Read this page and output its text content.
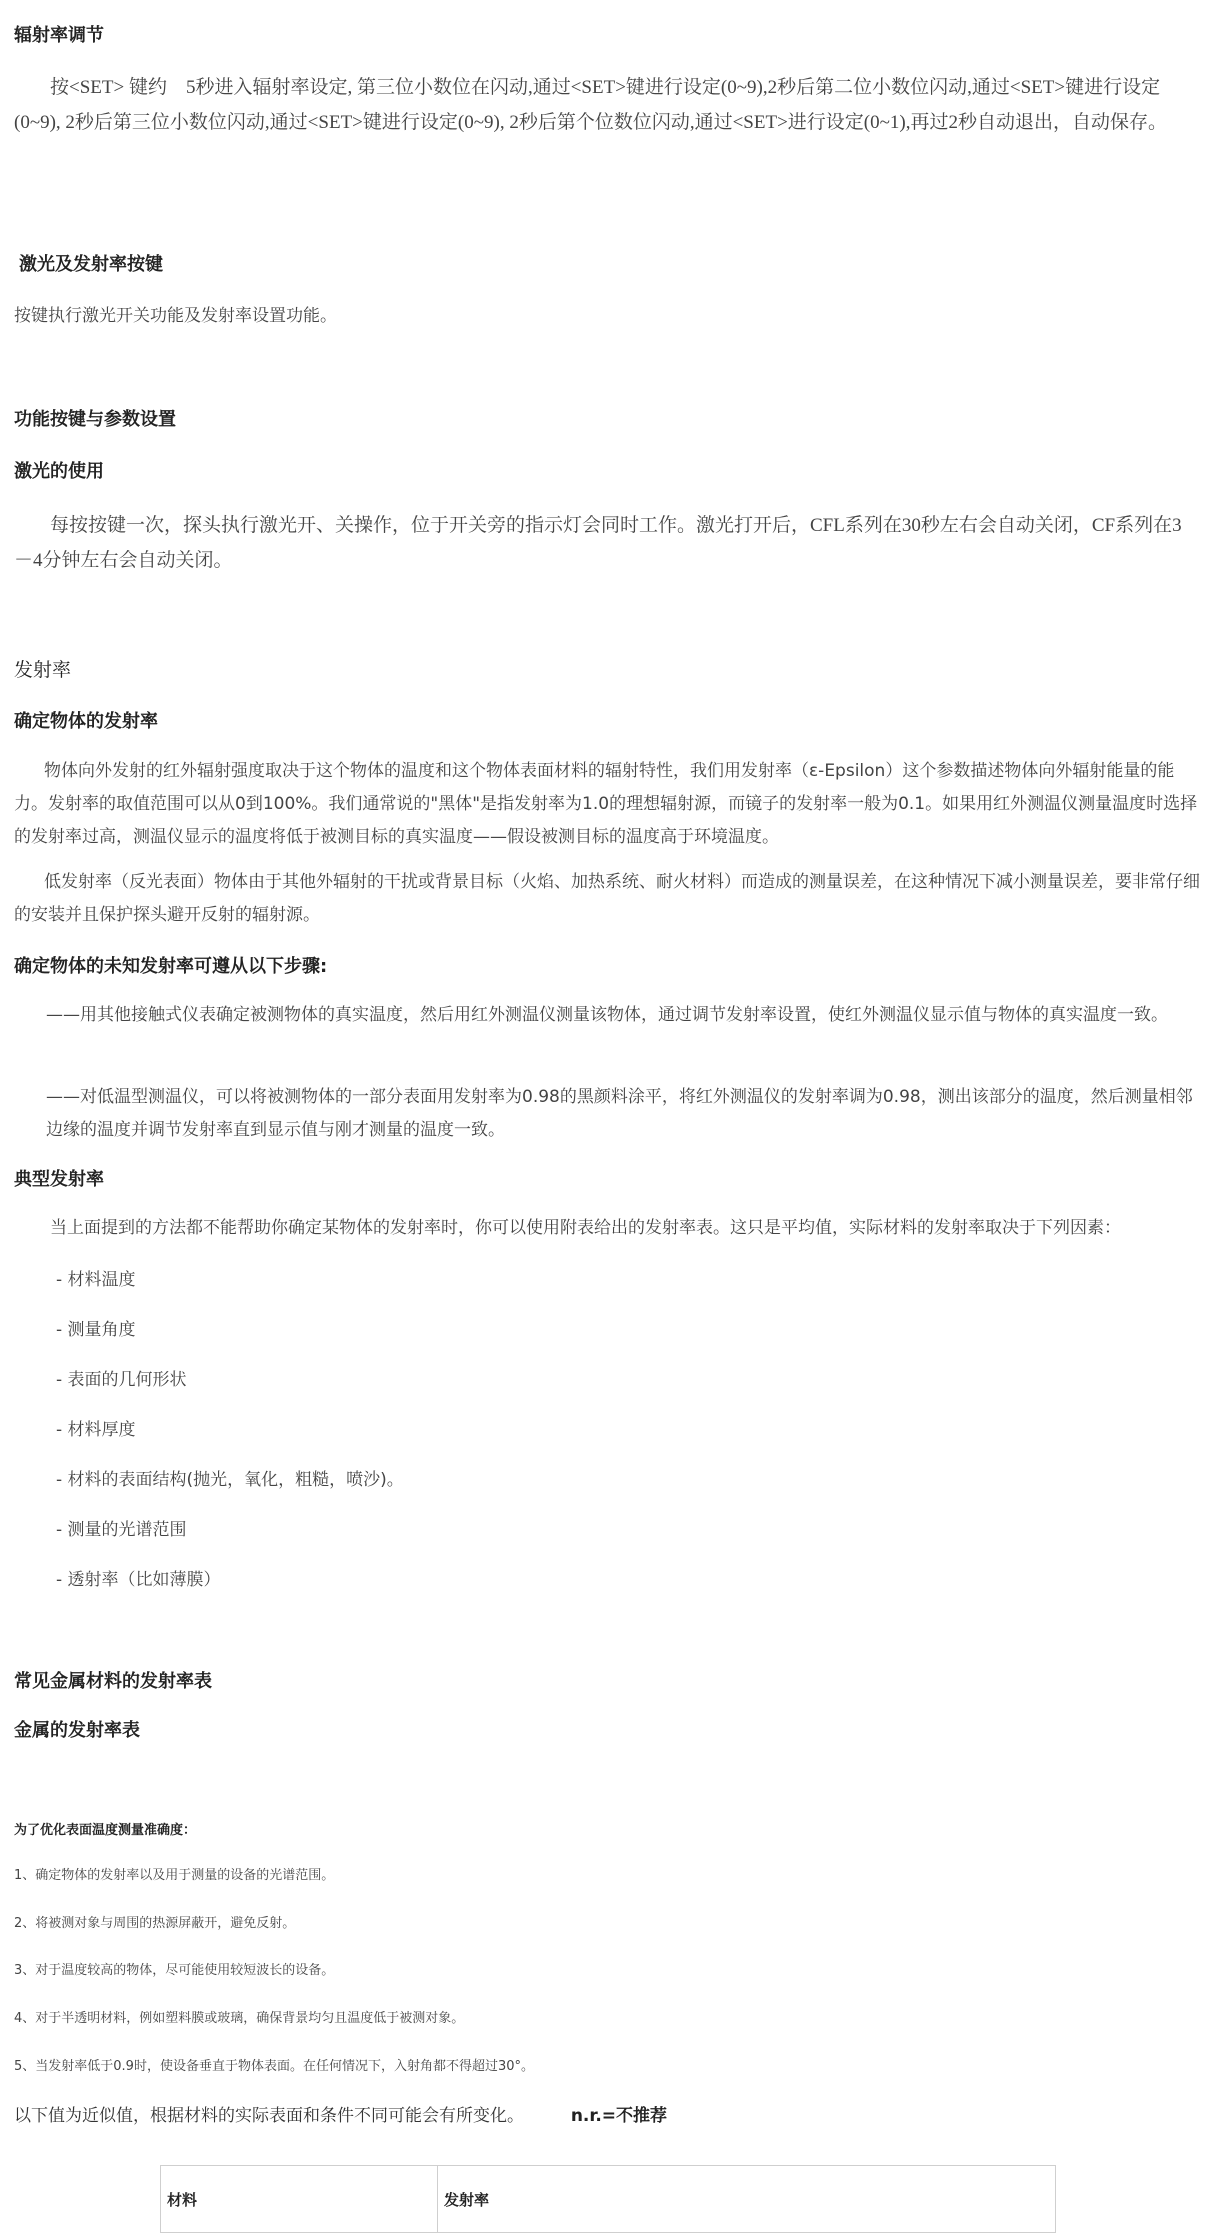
辐射率调节

按<SET> 键约　5秒进入辐射率设定, 第三位小数位在闪动,通过<SET>键进行设定(0~9),2秒后第二位小数位闪动,通过<SET>键进行设定(0~9), 2秒后第三位小数位闪动,通过<SET>键进行设定(0~9), 2秒后第个位数位闪动,通过<SET>进行设定(0~1),再过2秒自动退出，自动保存。

激光及发射率按键

按键执行激光开关功能及发射率设置功能。

功能按键与参数设置
激光的使用

每按按键一次，探头执行激光开、关操作，位于开关旁的指示灯会同时工作。激光打开后，CFL系列在30秒左右会自动关闭，CF系列在3－4分钟左右会自动关闭。

发射率
确定物体的发射率

物体向外发射的红外辐射强度取决于这个物体的温度和这个物体表面材料的辐射特性，我们用发射率（ε-Epsilon）这个参数描述物体向外辐射能量的能力。发射率的取值范围可以从0到100%。我们通常说的"黑体"是指发射率为1.0的理想辐射源，而镜子的发射率一般为0.1。如果用红外测温仪测量温度时选择的发射率过高，测温仪显示的温度将低于被测目标的真实温度——假设被测目标的温度高于环境温度。

低发射率（反光表面）物体由于其他外辐射的干扰或背景目标（火焰、加热系统、耐火材料）而造成的测量误差，在这种情况下减小测量误差，要非常仔细的安装并且保护探头避开反射的辐射源。

确定物体的未知发射率可遵从以下步骤:

——用其他接触式仪表确定被测物体的真实温度，然后用红外测温仪测量该物体，通过调节发射率设置，使红外测温仪显示值与物体的真实温度一致。

——对低温型测温仪，可以将被测物体的一部分表面用发射率为0.98的黑颜料涂平，将红外测温仪的发射率调为0.98，测出该部分的温度，然后测量相邻边缘的温度并调节发射率直到显示值与刚才测量的温度一致。

典型发射率

当上面提到的方法都不能帮助你确定某物体的发射率时，你可以使用附表给出的发射率表。这只是平均值，实际材料的发射率取决于下列因素：

- 材料温度
- 测量角度
- 表面的几何形状
- 材料厚度
- 材料的表面结构(抛光，氧化，粗糙，喷沙)。
- 测量的光谱范围
- 透射率（比如薄膜）
常见金属材料的发射率表
金属的发射率表
为了优化表面温度测量准确度：
1、确定物体的发射率以及用于测量的设备的光谱范围。
2、将被测对象与周围的热源屏蔽开，避免反射。
3、对于温度较高的物体，尽可能使用较短波长的设备。
4、对于半透明材料，例如塑料膜或玻璃，确保背景均匀且温度低于被测对象。
5、当发射率低于0.9时，使设备垂直于物体表面。在任何情况下，入射角都不得超过30°。
以下值为近似值，根据材料的实际表面和条件不同可能会有所变化。	n.r.=不推荐
材料	发射率
